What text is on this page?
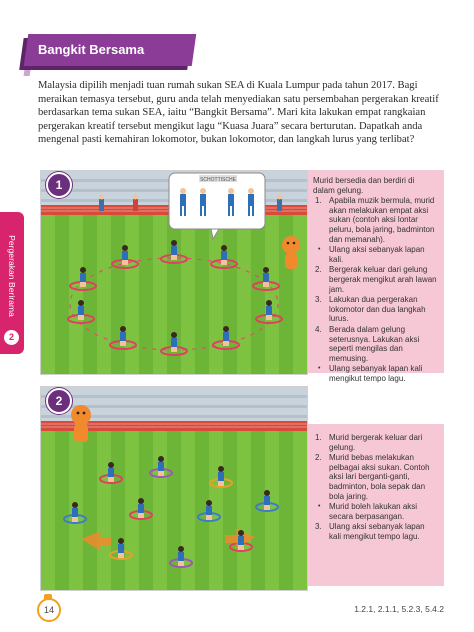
Bangkit Bersama

Malaysia dipilih menjadi tuan rumah sukan SEA di Kuala Lumpur pada tahun 2017. Bagi meraikan temasya tersebut, guru anda telah menyediakan satu persembahan pergerakan kreatif berdasarkan tema sukan SEA, iaitu “Bangkit Bersama”. Mari kita lakukan empat rangkaian pergerakan kreatif tersebut mengikut lagu “Kuasa Juara” secara berturutan. Dapatkah anda mengenal pasti kemahiran lokomotor, bukan lokomotor, dan langkah lurus yang terlibat?

Pergerakan Berirama
2
SCHOTTISCHE
1	Murid bersedia dan berdiri di dalam gelung.

1. Apabila muzik bermula, murid akan melakukan empat aksi sukan (contoh aksi lontar peluru, bola jaring, badminton dan memanah).
• Ulang aksi sebanyak lapan kali.
2. Bergerak keluar dari gelung bergerak mengikut arah lawan jam.
3. Lakukan dua pergerakan lokomotor dan dua langkah lurus.
4. Berada dalam gelung seterusnya. Lakukan aksi seperti mengilas dan memusing.
• Ulang sebanyak lapan kali mengikut tempo lagu.
2
1. Murid bergerak keluar dari gelung.
2. Murid bebas melakukan pelbagai aksi sukan. Contoh aksi lari berganti-ganti, badminton, bola sepak dan bola jaring.
• Murid boleh lakukan aksi secara berpasangan.
3. Ulang aksi sebanyak lapan kali mengikut tempo lagu.
14	1.2.1, 2.1.1, 5.2.3, 5.4.2
